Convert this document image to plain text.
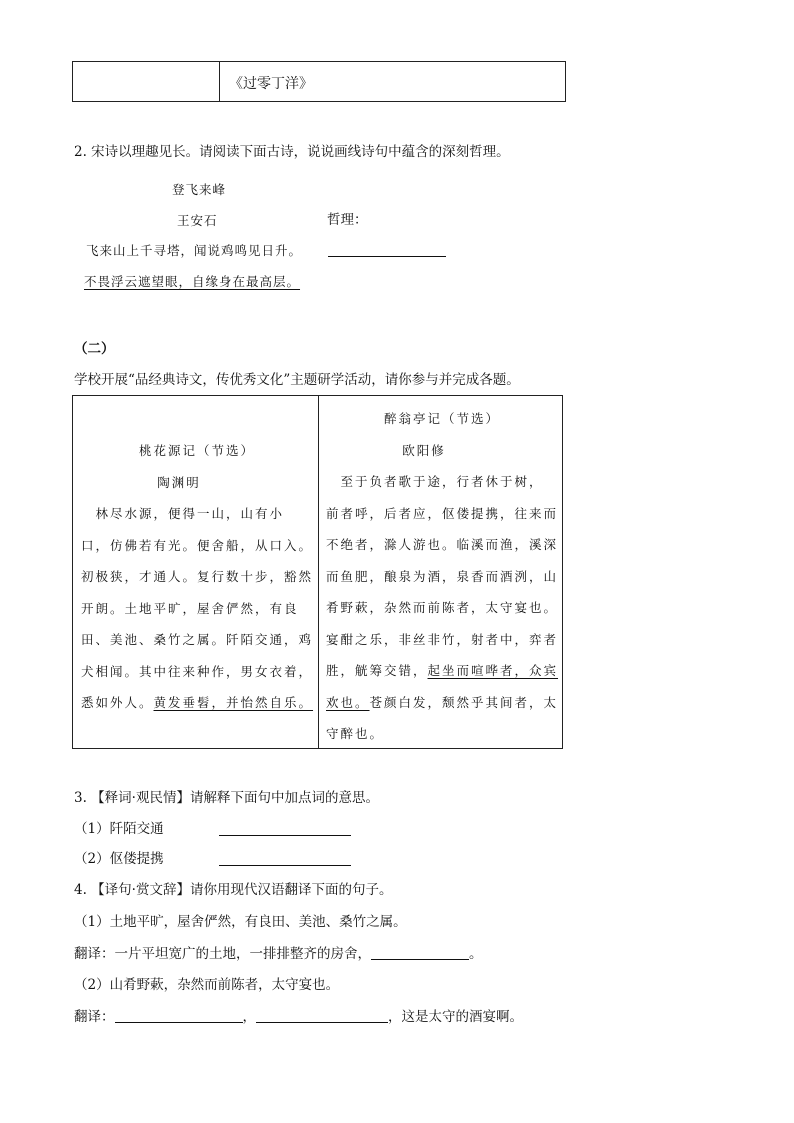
《过零丁洋》
2. 宋诗以理趣见长。请阅读下面古诗，说说画线诗句中蕴含的深刻哲理。
登飞来峰
王安石	哲理：
飞来山上千寻塔，闻说鸡鸣见日升。
不畏浮云遮望眼，自缘身在最高层。
（二）
学校开展“品经典诗文，传优秀文化”主题研学活动，请你参与并完成各题。
桃花源记（节选）
陶渊明
　林尽水源，便得一山，山有小
口，仿佛若有光。便舍船，从口入。
初极狭，才通人。复行数十步，豁然
开朗。土地平旷，屋舍俨然，有良
田、美池、桑竹之属。阡陌交通，鸡
犬相闻。其中往来种作，男女衣着，
悉如外人。黄发垂髫，并怡然自乐。
醉翁亭记（节选）
欧阳修
　至于负者歌于途，行者休于树，
前者呼，后者应，伛偻提携，往来而
不绝者，滁人游也。临溪而渔，溪深
而鱼肥，酿泉为酒，泉香而酒洌，山
肴野蔌，杂然而前陈者，太守宴也。
宴酣之乐，非丝非竹，射者中，弈者
胜，觥筹交错，起坐而喧哗者，众宾
欢也。苍颜白发，颓然乎其间者，太
守醉也。
3. 【释词·观民情】请解释下面句中加点词的意思。
（1）阡陌交通
（2）伛偻提携
4. 【译句·赏文辞】请你用现代汉语翻译下面的句子。
（1）土地平旷，屋舍俨然，有良田、美池、桑竹之属。
翻译：一片平坦宽广的土地，一排排整齐的房舍，	。
（2）山肴野蔌，杂然而前陈者，太守宴也。
翻译：	，	，这是太守的酒宴啊。
